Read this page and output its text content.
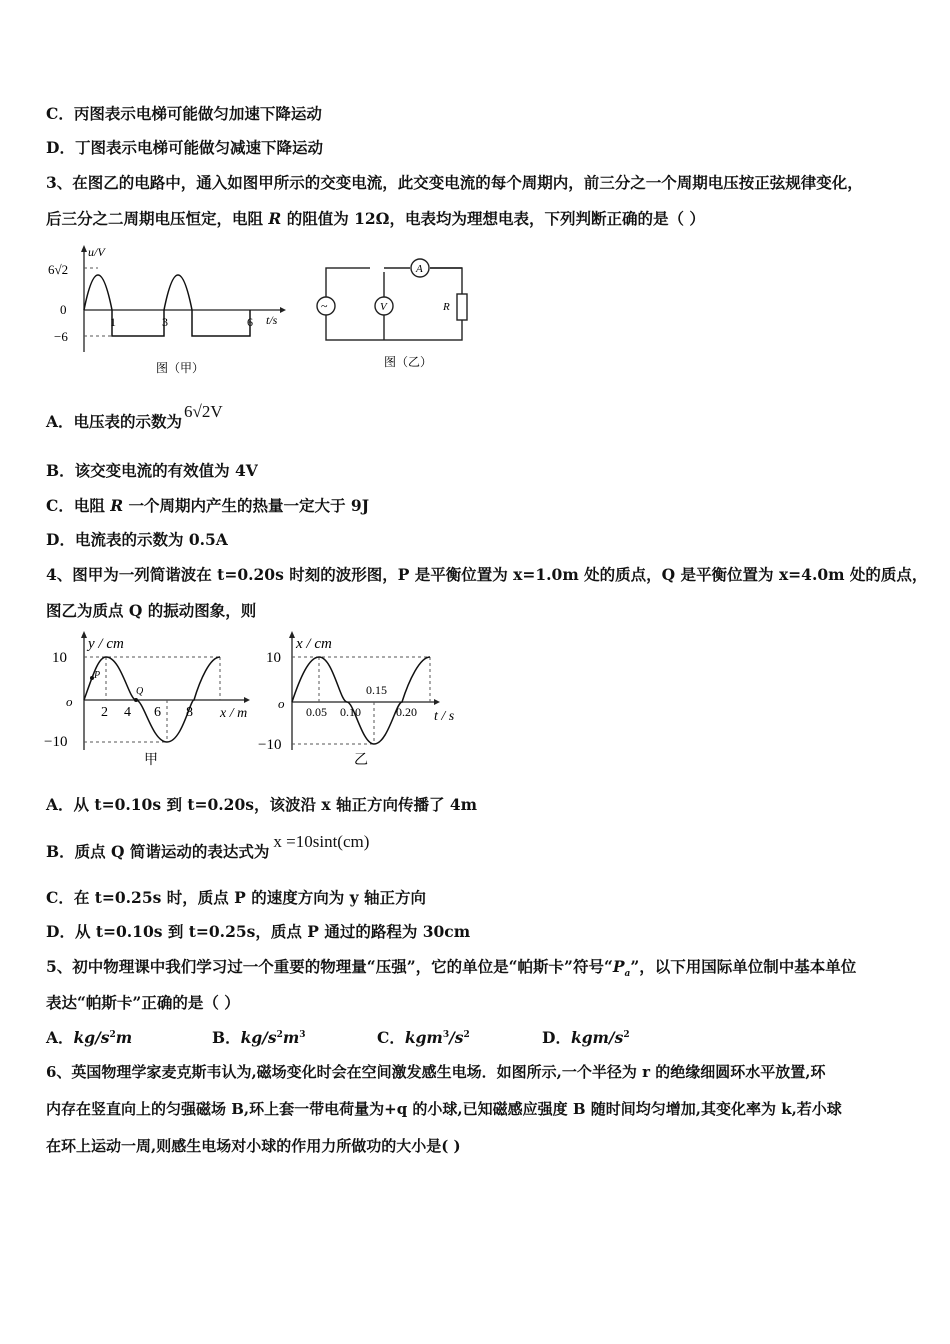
C．丙图表示电梯可能做匀加速下降运动
D．丁图表示电梯可能做匀减速下降运动
3、在图乙的电路中，通入如图甲所示的交变电流，此交变电流的每个周期内，前三分之一个周期电压按正弦规律变化，
后三分之二周期电压恒定，电阻 R 的阻值为 12Ω，电表均为理想电表，下列判断正确的是（ ）
u/V
6√2
0
−6
1	3	6 t/s
图（甲）
A
~	V	R
图（乙）
A．电压表的示数为6√2V
B．该交变电流的有效值为 4V
C．电阻 R 一个周期内产生的热量一定大于 9J
D．电流表的示数为 0.5A
4、图甲为一列简谐波在 t=0.20s 时刻的波形图，P 是平衡位置为 x=1.0m 处的质点，Q 是平衡位置为 x=4.0m 处的质点，
图乙为质点 Q 的振动图象，则
y / cm
10
−10
o
2 4 6 8 x / m
P
Q
甲
x / cm
10
−10
o
0.05 0.10
0.15
0.20 t / s
乙
A．从 t=0.10s 到 t=0.20s，该波沿 x 轴正方向传播了 4m
B．质点 Q 简谐运动的表达式为x =10sint(cm)
C．在 t=0.25s 时，质点 P 的速度方向为 y 轴正方向
D．从 t=0.10s 到 t=0.25s，质点 P 通过的路程为 30cm
5、初中物理课中我们学习过一个重要的物理量“压强”，它的单位是“帕斯卡”符号“$P_a$”，以下用国际单位制中基本单位
表达“帕斯卡”正确的是（ ）
A．$kg/s^2m$	B．$kg/s^2m^3$	C．$kgm^3/s^2$	D．kgm/$s^2$
6、英国物理学家麦克斯韦认为,磁场变化时会在空间激发感生电场．如图所示,一个半径为 r 的绝缘细圆环水平放置,环
内存在竖直向上的匀强磁场 B,环上套一带电荷量为+q 的小球,已知磁感应强度 B 随时间均匀增加,其变化率为 k,若小球
在环上运动一周,则感生电场对小球的作用力所做功的大小是( )
